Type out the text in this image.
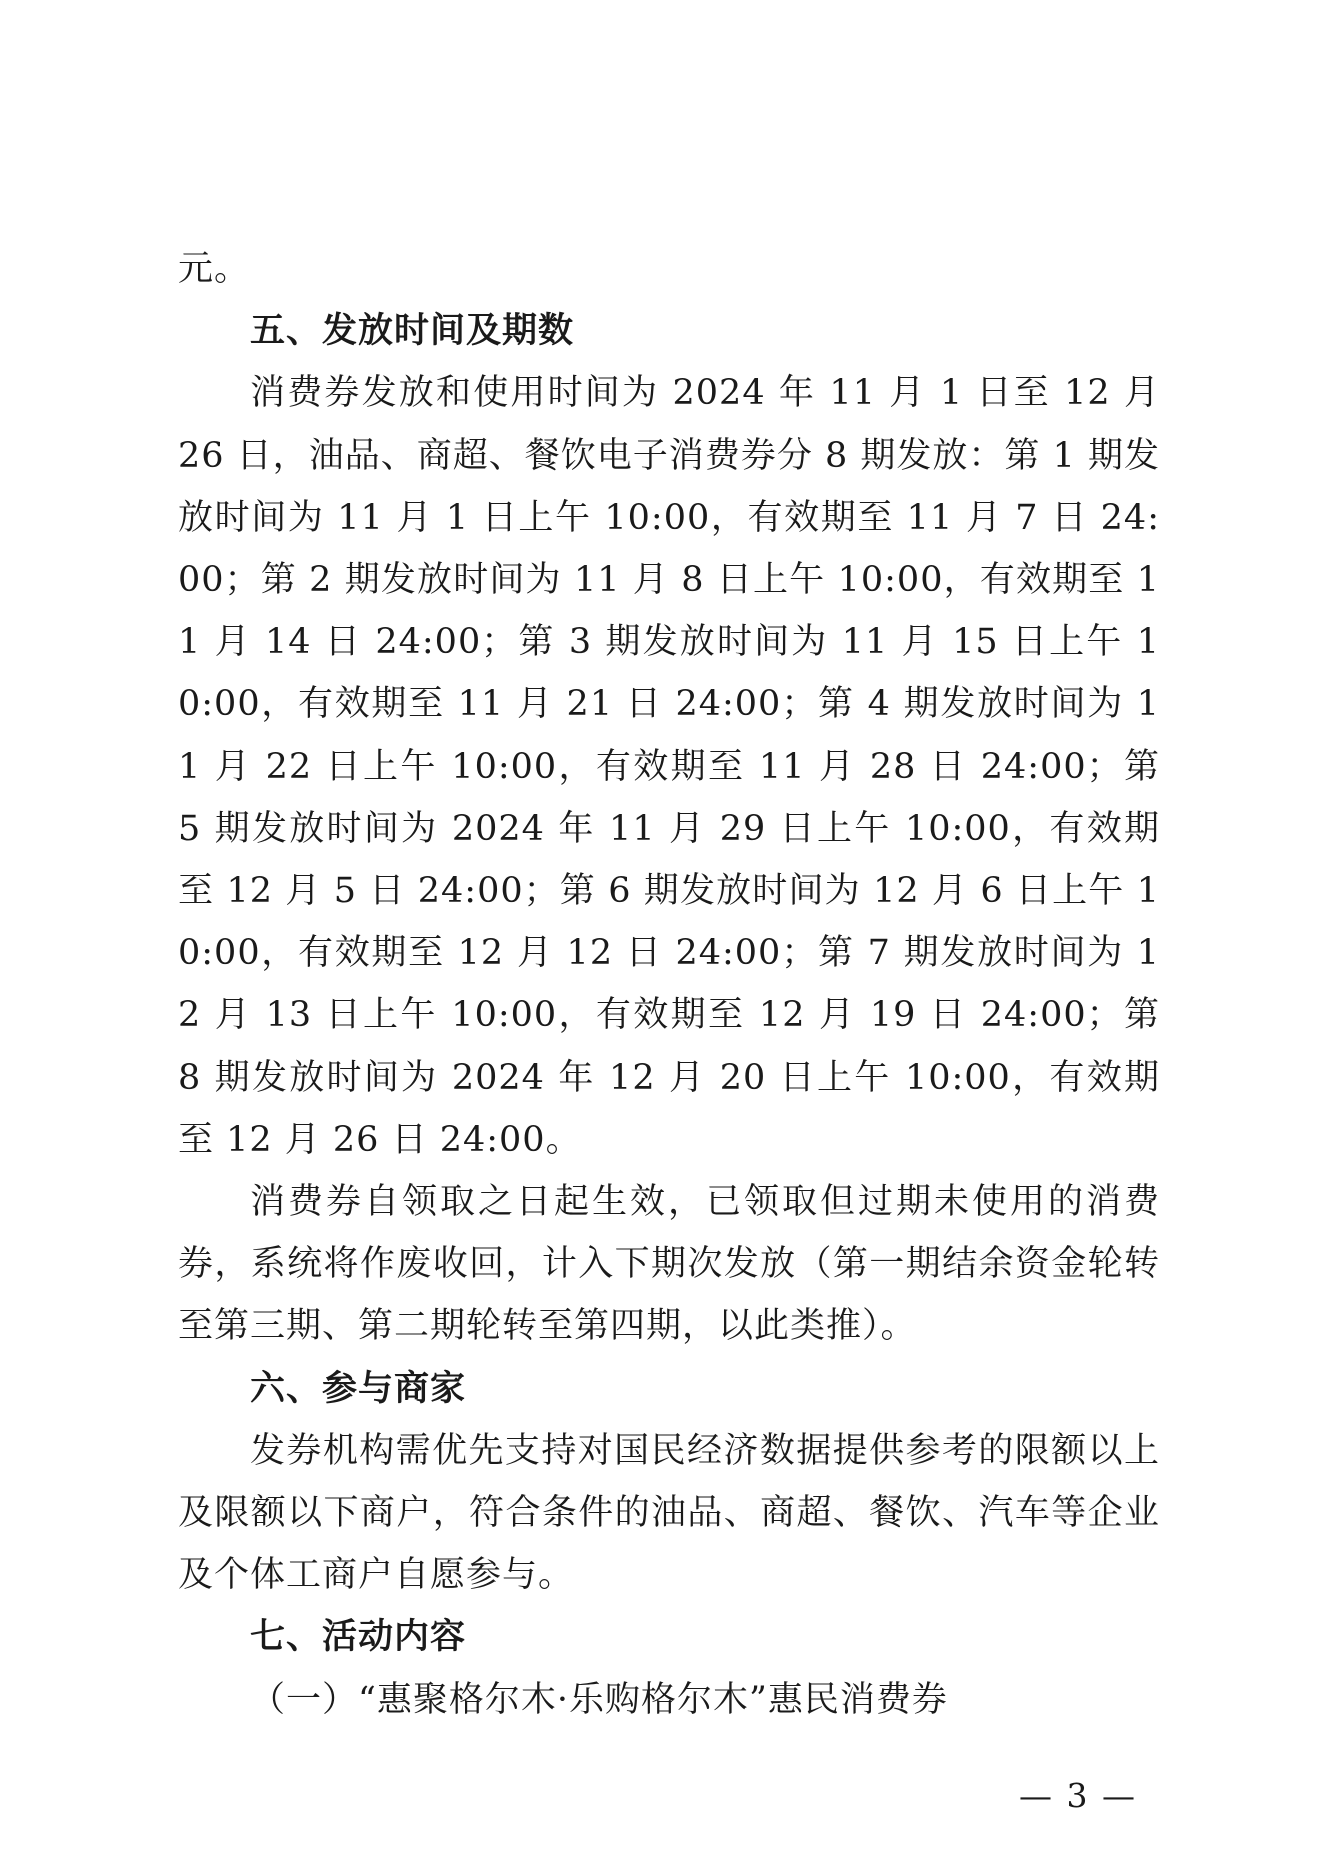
元。

五、发放时间及期数

消费券发放和使用时间为 2024 年 11 月 1 日至 12 月 26 日，油品、商超、餐饮电子消费券分 8 期发放：第 1 期发放时间为 11 月 1 日上午 10:00，有效期至 11 月 7 日 24:00；第 2 期发放时间为 11 月 8 日上午 10:00，有效期至 11 月 14 日 24:00；第 3 期发放时间为 11 月 15 日上午 10:00，有效期至 11 月 21 日 24:00；第 4 期发放时间为 11 月 22 日上午 10:00，有效期至 11 月 28 日 24:00；第 5 期发放时间为 2024 年 11 月 29 日上午 10:00，有效期至 12 月 5 日 24:00；第 6 期发放时间为 12 月 6 日上午 10:00，有效期至 12 月 12 日 24:00；第 7 期发放时间为 12 月 13 日上午 10:00，有效期至 12 月 19 日 24:00；第 8 期发放时间为 2024 年 12 月 20 日上午 10:00，有效期至 12 月 26 日 24:00。

消费券自领取之日起生效，已领取但过期未使用的消费券，系统将作废收回，计入下期次发放（第一期结余资金轮转至第三期、第二期轮转至第四期，以此类推）。

六、参与商家

发券机构需优先支持对国民经济数据提供参考的限额以上及限额以下商户，符合条件的油品、商超、餐饮、汽车等企业及个体工商户自愿参与。

七、活动内容

（一）“惠聚格尔木·乐购格尔木”惠民消费券

— 3 —
